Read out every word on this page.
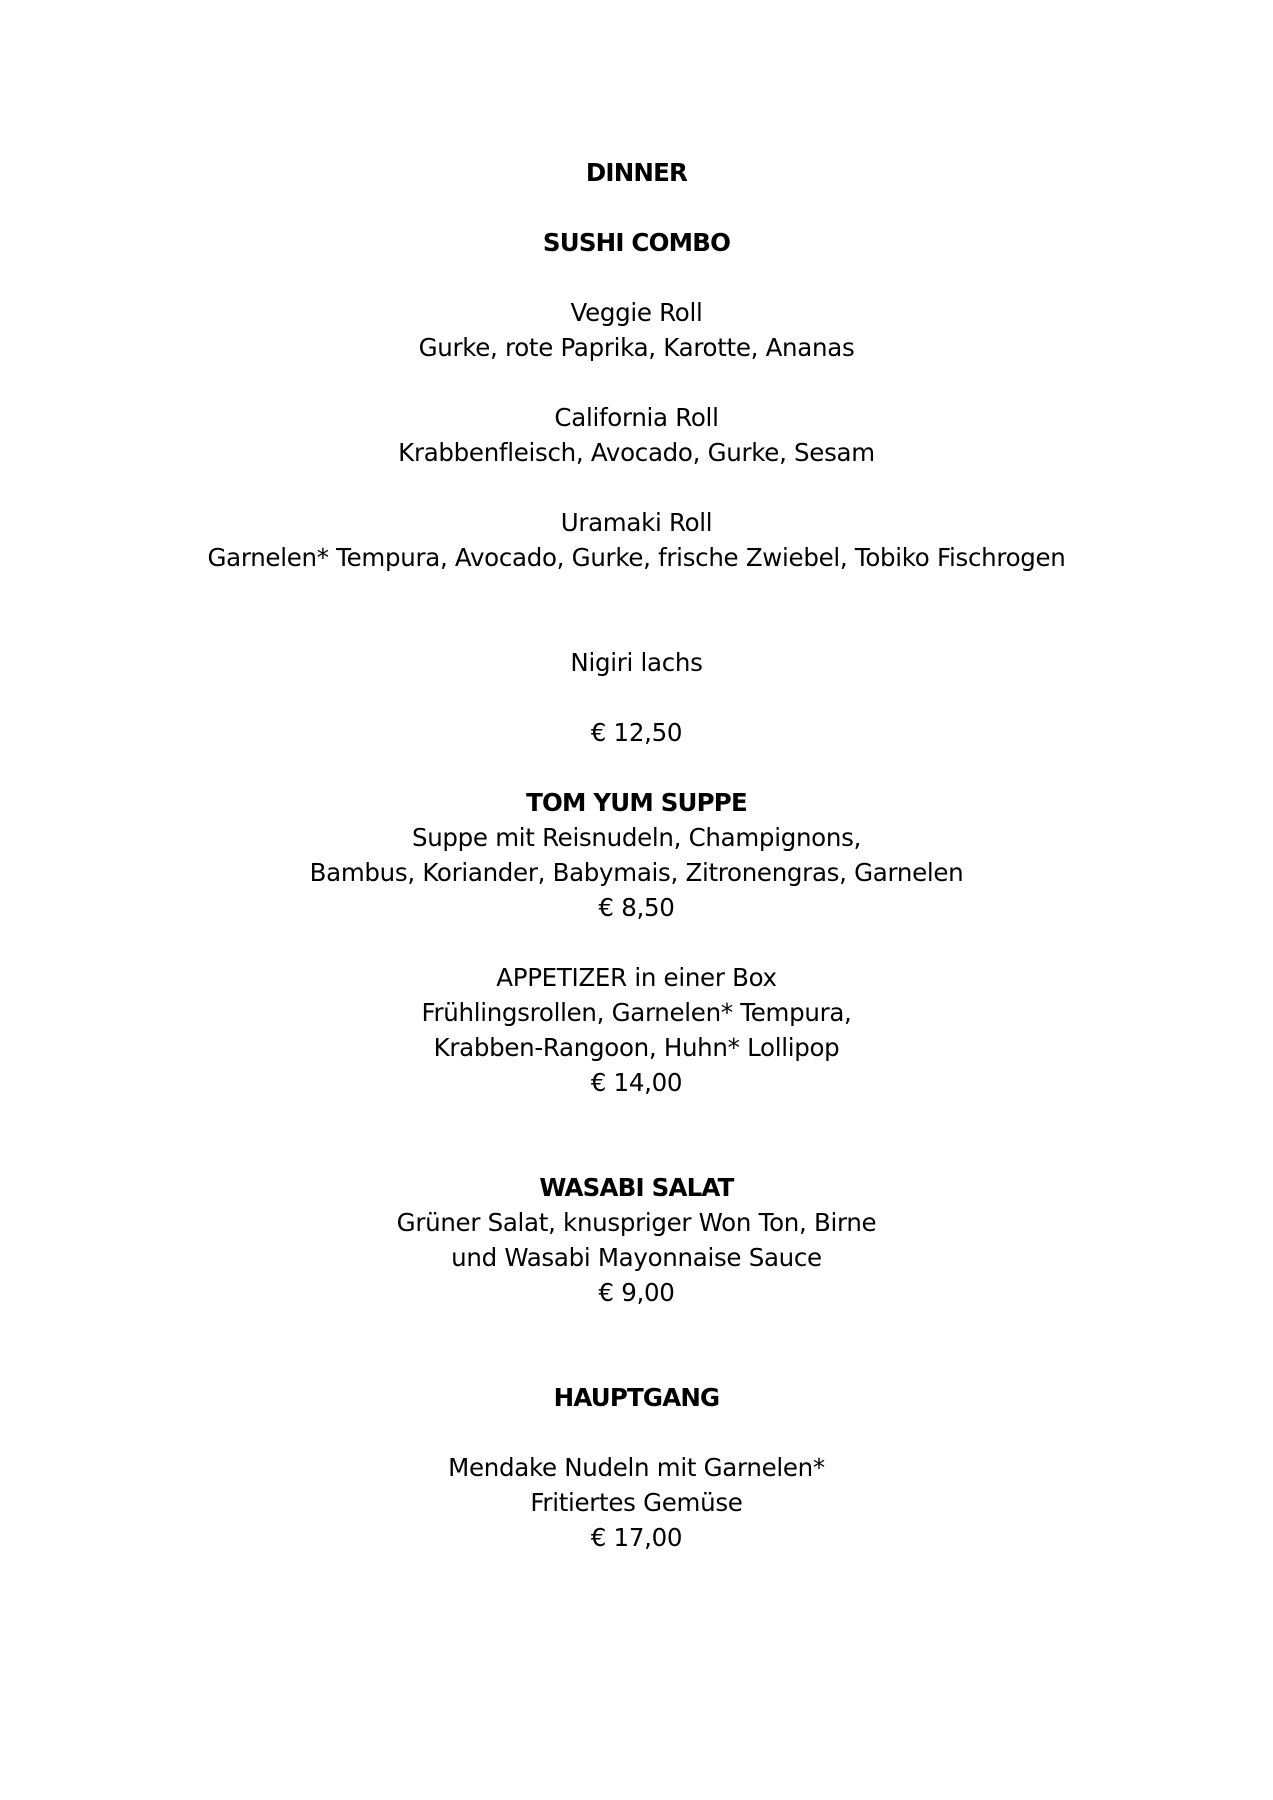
DINNER
SUSHI COMBO
Veggie Roll
Gurke, rote Paprika, Karotte, Ananas
California Roll
Krabbenfleisch, Avocado, Gurke, Sesam
Uramaki Roll
Garnelen* Tempura, Avocado, Gurke, frische Zwiebel, Tobiko Fischrogen
Nigiri lachs
€ 12,50
TOM YUM SUPPE
Suppe mit Reisnudeln, Champignons,
Bambus, Koriander, Babymais, Zitronengras, Garnelen
€ 8,50
APPETIZER in einer Box
Frühlingsrollen, Garnelen* Tempura,
Krabben-Rangoon, Huhn* Lollipop
€ 14,00
WASABI SALAT
Grüner Salat, knuspriger Won Ton, Birne
und Wasabi Mayonnaise Sauce
€ 9,00
HAUPTGANG
Mendake Nudeln mit Garnelen*
Fritiertes Gemüse
€ 17,00
